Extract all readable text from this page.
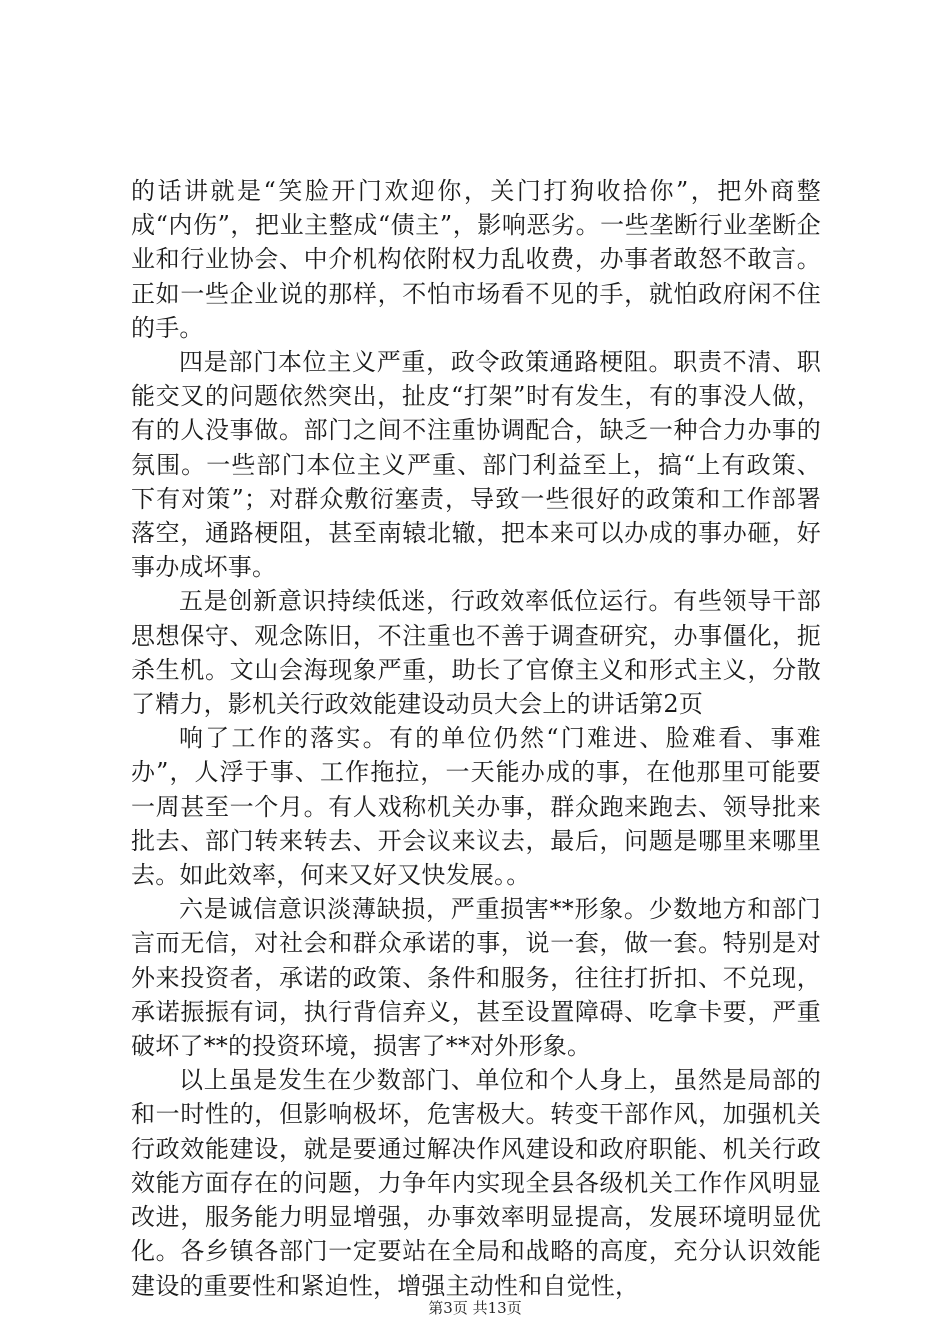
的话讲就是“笑脸开门欢迎你，关门打狗收拾你”，把外商整成“内伤”，把业主整成“债主”，影响恶劣。一些垄断行业垄断企业和行业协会、中介机构依附权力乱收费，办事者敢怒不敢言。正如一些企业说的那样，不怕市场看不见的手，就怕政府闲不住的手。

四是部门本位主义严重，政令政策通路梗阻。职责不清、职能交叉的问题依然突出，扯皮“打架”时有发生，有的事没人做，有的人没事做。部门之间不注重协调配合，缺乏一种合力办事的氛围。一些部门本位主义严重、部门利益至上，搞“上有政策、下有对策”；对群众敷衍塞责，导致一些很好的政策和工作部署落空，通路梗阻，甚至南辕北辙，把本来可以办成的事办砸，好事办成坏事。

五是创新意识持续低迷，行政效率低位运行。有些领导干部思想保守、观念陈旧，不注重也不善于调查研究，办事僵化，扼杀生机。文山会海现象严重，助长了官僚主义和形式主义，分散了精力，影机关行政效能建设动员大会上的讲话第2页

响了工作的落实。有的单位仍然“门难进、脸难看、事难办”，人浮于事、工作拖拉，一天能办成的事，在他那里可能要一周甚至一个月。有人戏称机关办事，群众跑来跑去、领导批来批去、部门转来转去、开会议来议去，最后，问题是哪里来哪里去。如此效率，何来又好又快发展。。

六是诚信意识淡薄缺损，严重损害**形象。少数地方和部门言而无信，对社会和群众承诺的事，说一套，做一套。特别是对外来投资者，承诺的政策、条件和服务，往往打折扣、不兑现，承诺振振有词，执行背信弃义，甚至设置障碍、吃拿卡要，严重破坏了**的投资环境，损害了**对外形象。

以上虽是发生在少数部门、单位和个人身上，虽然是局部的和一时性的，但影响极坏，危害极大。转变干部作风，加强机关行政效能建设，就是要通过解决作风建设和政府职能、机关行政效能方面存在的问题，力争年内实现全县各级机关工作作风明显改进，服务能力明显增强，办事效率明显提高，发展环境明显优化。各乡镇各部门一定要站在全局和战略的高度，充分认识效能建设的重要性和紧迫性，增强主动性和自觉性，

第3页 共13页
